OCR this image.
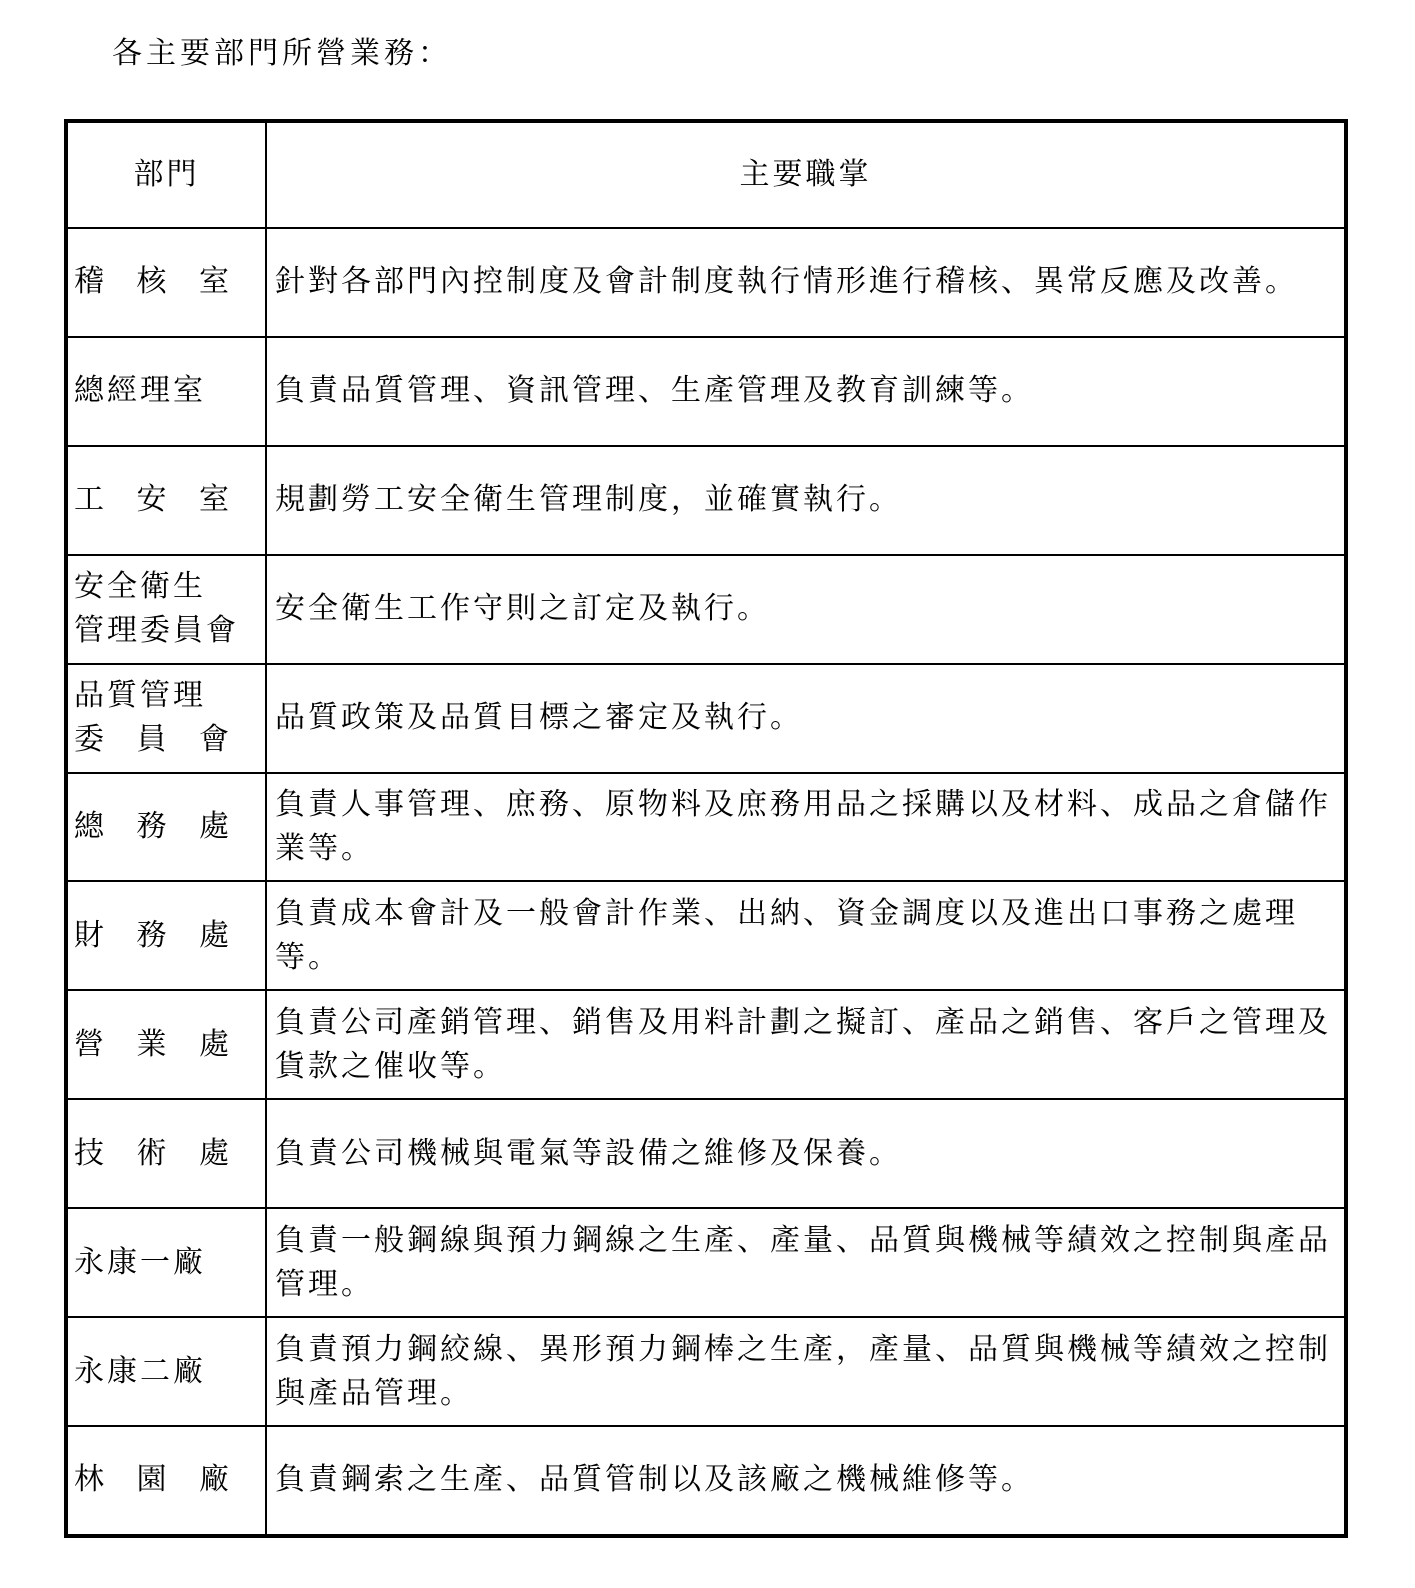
各主要部門所營業務：
部門	主要職掌

稽 核 室	針對各部門內控制度及會計制度執行情形進行稽核、異常反應及改善。

總經理室	負責品質管理、資訊管理、生產管理及教育訓練等。

工 安 室	規劃勞工安全衛生管理制度，並確實執行。

安全衛生
管理委員會	安全衛生工作守則之訂定及執行。

品質管理
委 員 會	品質政策及品質目標之審定及執行。

總 務 處	負責人事管理、庶務、原物料及庶務用品之採購以及材料、成品之倉儲作業等。

財 務 處	負責成本會計及一般會計作業、出納、資金調度以及進出口事務之處理等。

營 業 處	負責公司產銷管理、銷售及用料計劃之擬訂、產品之銷售、客戶之管理及貨款之催收等。

技 術 處	負責公司機械與電氣等設備之維修及保養。

永康一廠	負責一般鋼線與預力鋼線之生產、產量、品質與機械等績效之控制與產品管理。

永康二廠	負責預力鋼絞線、異形預力鋼棒之生產，產量、品質與機械等績效之控制與產品管理。

林 園 廠	負責鋼索之生產、品質管制以及該廠之機械維修等。
